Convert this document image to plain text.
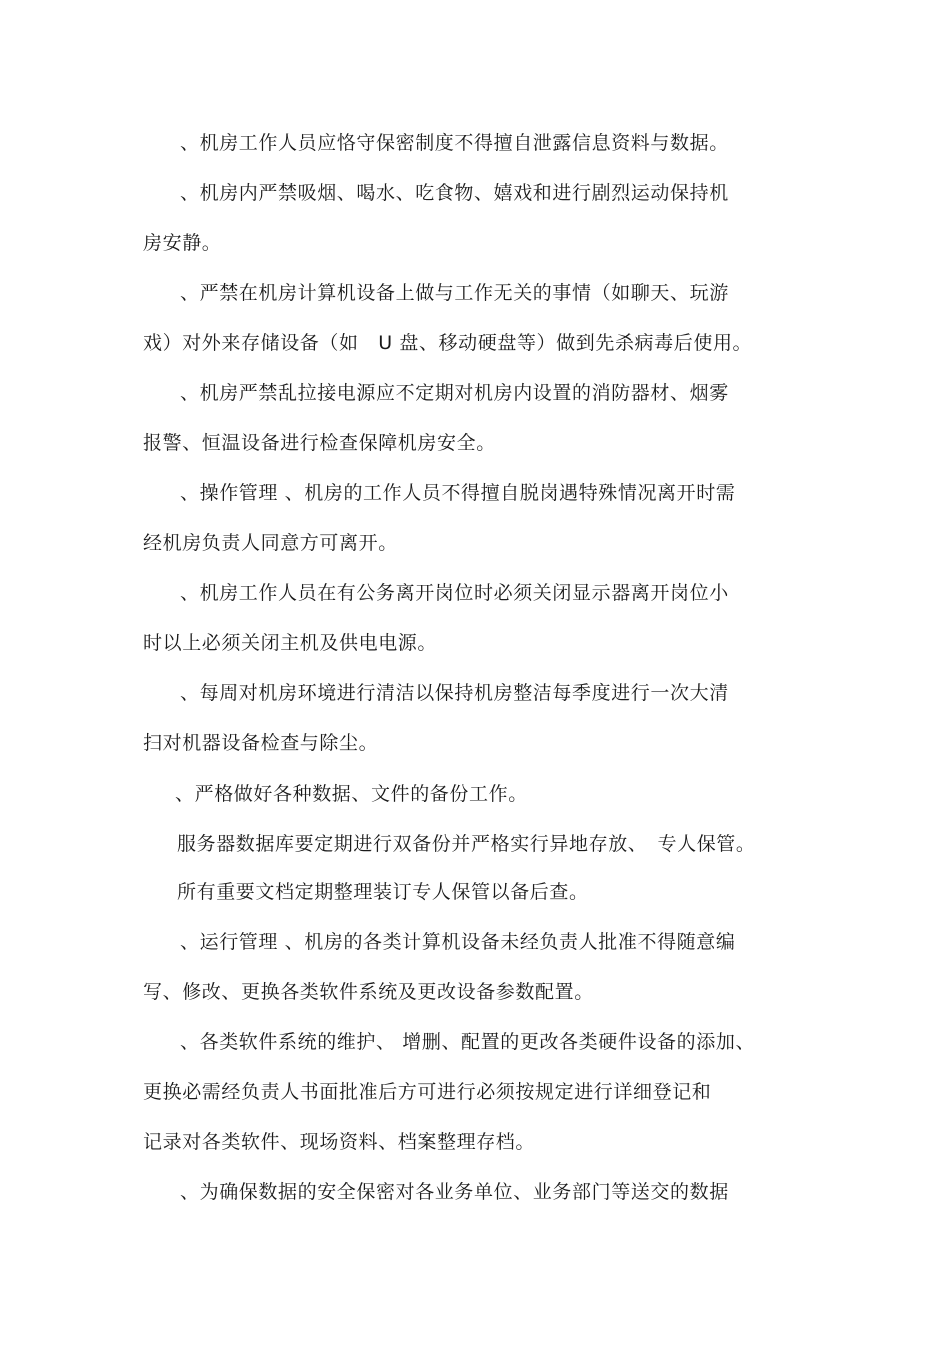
、机房工作人员应恪守保密制度不得擅自泄露信息资料与数据。
、机房内严禁吸烟、喝水、吃食物、嬉戏和进行剧烈运动保持机
房安静。
、严禁在机房计算机设备上做与工作无关的事情（如聊天、玩游
戏）对外来存储设备（如　U 盘、移动硬盘等）做到先杀病毒后使用。
、机房严禁乱拉接电源应不定期对机房内设置的消防器材、烟雾
报警、恒温设备进行检查保障机房安全。
、操作管理 、机房的工作人员不得擅自脱岗遇特殊情况离开时需
经机房负责人同意方可离开。
、机房工作人员在有公务离开岗位时必须关闭显示器离开岗位小
时以上必须关闭主机及供电电源。
、每周对机房环境进行清洁以保持机房整洁每季度进行一次大清
扫对机器设备检查与除尘。
、严格做好各种数据、文件的备份工作。
服务器数据库要定期进行双备份并严格实行异地存放、　专人保管。
所有重要文档定期整理装订专人保管以备后查。
、运行管理 、机房的各类计算机设备未经负责人批准不得随意编
写、修改、更换各类软件系统及更改设备参数配置。
、各类软件系统的维护、 增删、配置的更改各类硬件设备的添加、
更换必需经负责人书面批准后方可进行必须按规定进行详细登记和
记录对各类软件、现场资料、档案整理存档。
、为确保数据的安全保密对各业务单位、业务部门等送交的数据
